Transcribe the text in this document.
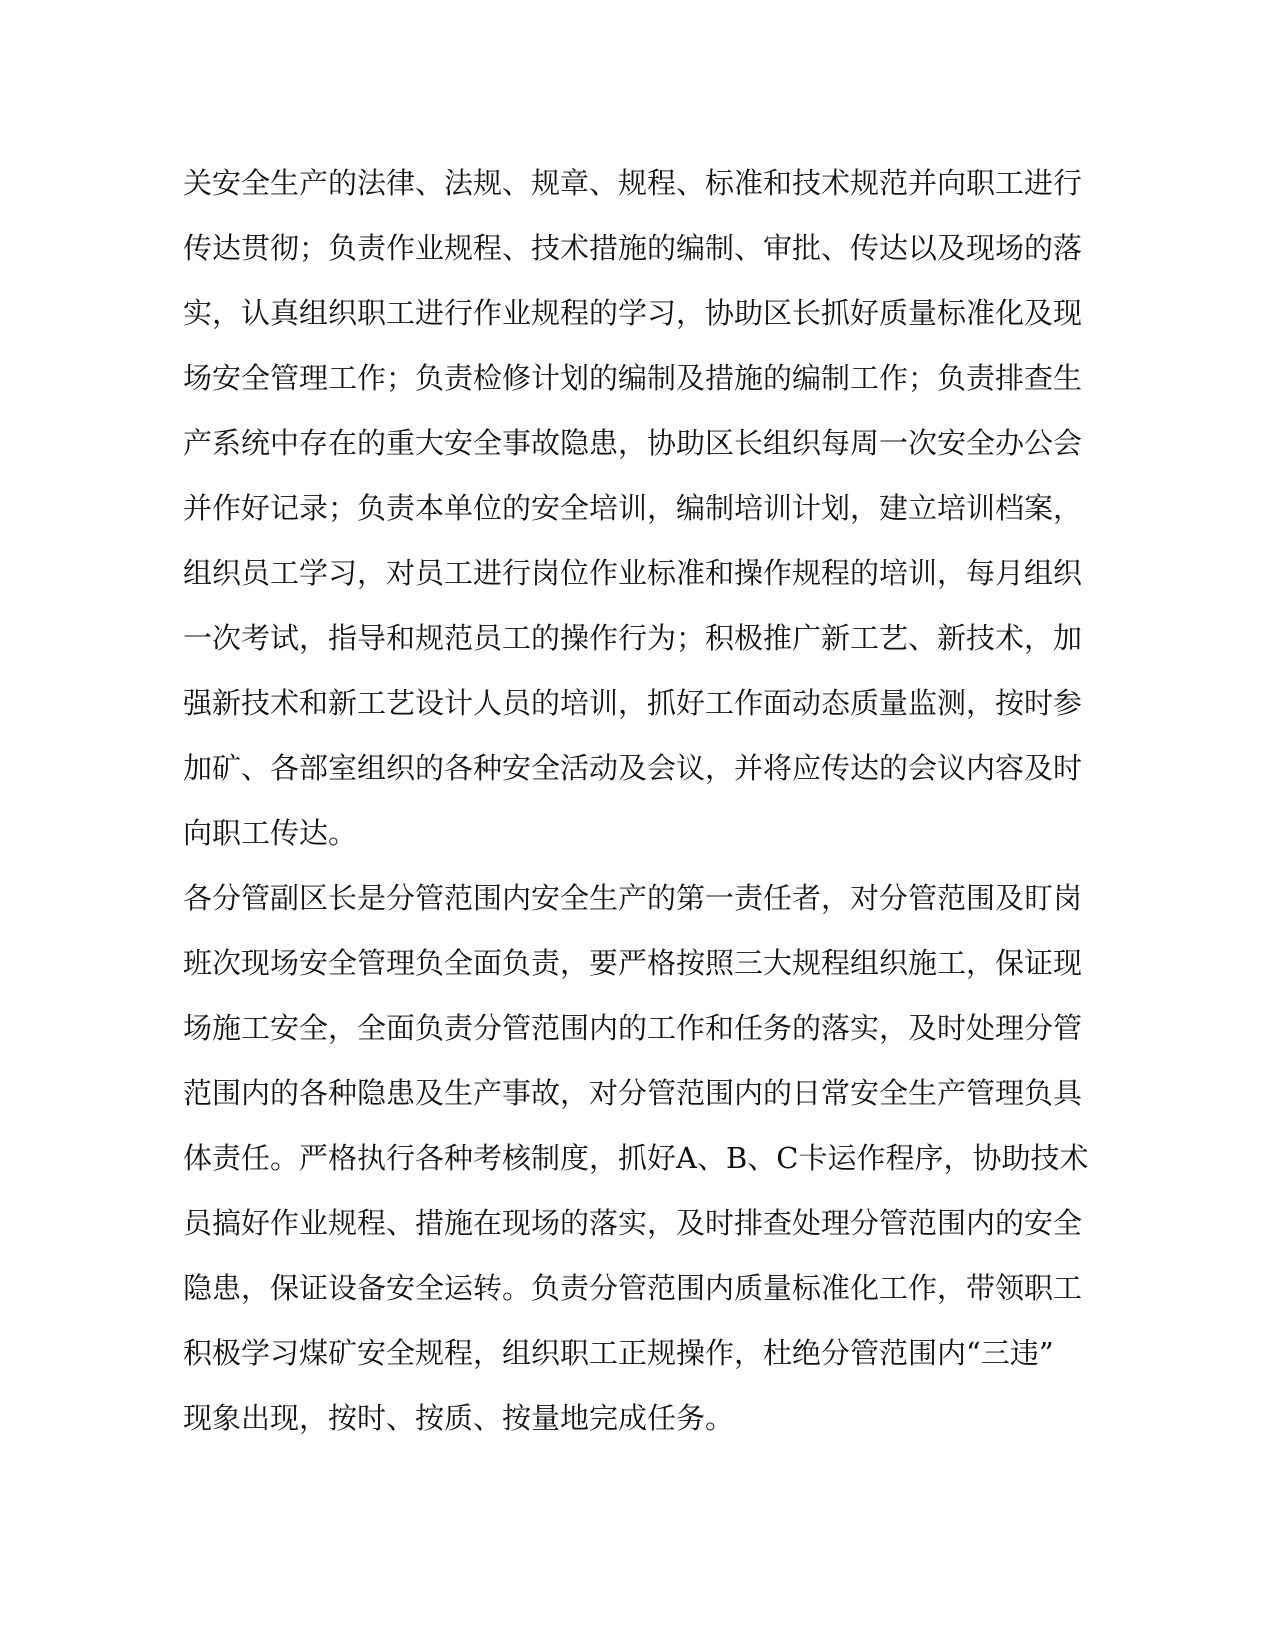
关安全生产的法律、法规、规章、规程、标准和技术规范并向职工进行
传达贯彻；负责作业规程、技术措施的编制、审批、传达以及现场的落
实，认真组织职工进行作业规程的学习，协助区长抓好质量标准化及现
场安全管理工作；负责检修计划的编制及措施的编制工作；负责排查生
产系统中存在的重大安全事故隐患，协助区长组织每周一次安全办公会
并作好记录；负责本单位的安全培训，编制培训计划，建立培训档案，
组织员工学习，对员工进行岗位作业标准和操作规程的培训，每月组织
一次考试，指导和规范员工的操作行为；积极推广新工艺、新技术，加
强新技术和新工艺设计人员的培训，抓好工作面动态质量监测，按时参
加矿、各部室组织的各种安全活动及会议，并将应传达的会议内容及时
向职工传达。
各分管副区长是分管范围内安全生产的第一责任者，对分管范围及盯岗
班次现场安全管理负全面负责，要严格按照三大规程组织施工，保证现
场施工安全，全面负责分管范围内的工作和任务的落实，及时处理分管
范围内的各种隐患及生产事故，对分管范围内的日常安全生产管理负具
体责任。严格执行各种考核制度，抓好A、B、C卡运作程序，协助技术
员搞好作业规程、措施在现场的落实，及时排查处理分管范围内的安全
隐患，保证设备安全运转。负责分管范围内质量标准化工作，带领职工
积极学习煤矿安全规程，组织职工正规操作，杜绝分管范围内“三违”
现象出现，按时、按质、按量地完成任务。
